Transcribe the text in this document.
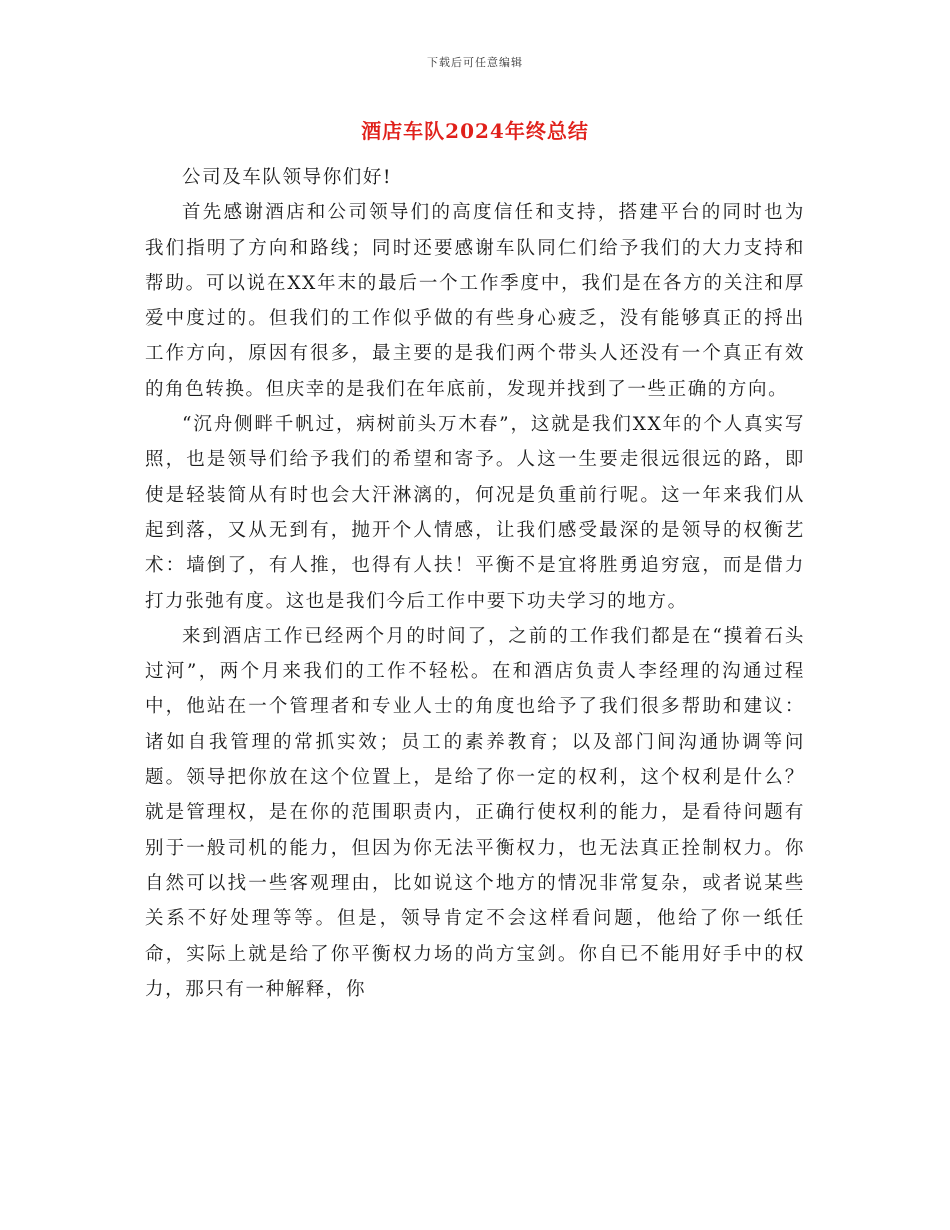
下载后可任意编辑
酒店车队2024年终总结

公司及车队领导你们好!

首先感谢酒店和公司领导们的高度信任和支持，搭建平台的同时也为我们指明了方向和路线；同时还要感谢车队同仁们给予我们的大力支持和帮助。可以说在XX年末的最后一个工作季度中，我们是在各方的关注和厚爱中度过的。但我们的工作似乎做的有些身心疲乏，没有能够真正的捋出工作方向，原因有很多，最主要的是我们两个带头人还没有一个真正有效的角色转换。但庆幸的是我们在年底前，发现并找到了一些正确的方向。

“沉舟侧畔千帆过，病树前头万木春”，这就是我们XX年的个人真实写照，也是领导们给予我们的希望和寄予。人这一生要走很远很远的路，即使是轻装简从有时也会大汗淋漓的，何况是负重前行呢。这一年来我们从起到落，又从无到有，抛开个人情感，让我们感受最深的是领导的权衡艺术：墙倒了，有人推，也得有人扶！平衡不是宜将胜勇追穷寇，而是借力打力张弛有度。这也是我们今后工作中要下功夫学习的地方。

来到酒店工作已经两个月的时间了，之前的工作我们都是在“摸着石头过河”，两个月来我们的工作不轻松。在和酒店负责人李经理的沟通过程中，他站在一个管理者和专业人士的角度也给予了我们很多帮助和建议：诸如自我管理的常抓实效；员工的素养教育；以及部门间沟通协调等问题。领导把你放在这个位置上，是给了你一定的权利，这个权利是什么？就是管理权，是在你的范围职责内，正确行使权利的能力，是看待问题有别于一般司机的能力，但因为你无法平衡权力，也无法真正拴制权力。你自然可以找一些客观理由，比如说这个地方的情况非常复杂，或者说某些关系不好处理等等。但是，领导肯定不会这样看问题，他给了你一纸任命，实际上就是给了你平衡权力场的尚方宝剑。你自已不能用好手中的权力，那只有一种解释，你
